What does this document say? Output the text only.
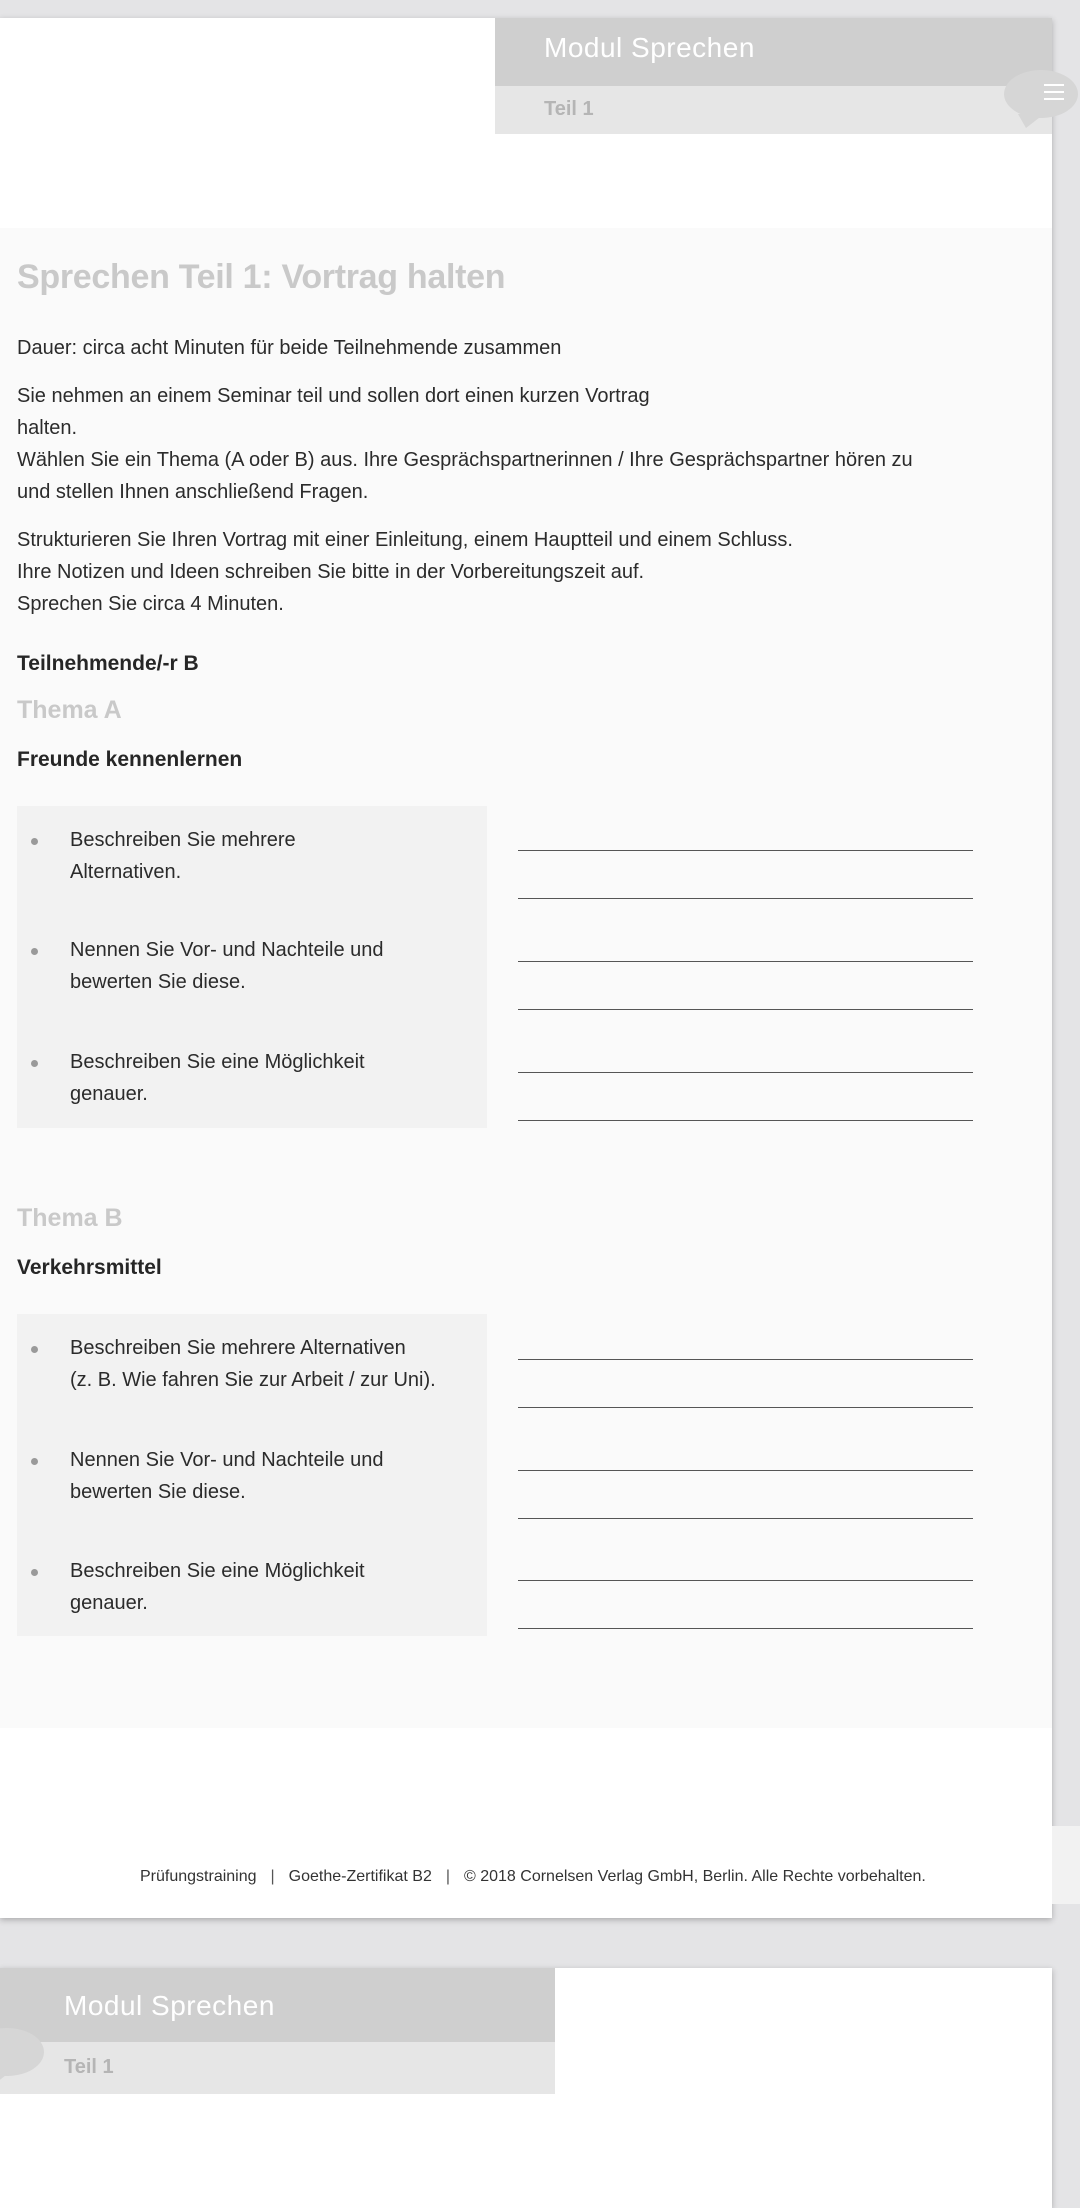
Modul Sprechen
Teil 1
Sprechen Teil 1: Vortrag halten

Dauer: circa acht Minuten für beide Teilnehmende zusammen

Sie nehmen an einem Seminar teil und sollen dort einen kurzen Vortrag

halten.

Wählen Sie ein Thema (A oder B) aus. Ihre Gesprächspartnerinnen / Ihre Gesprächspartner hören zu

und stellen Ihnen anschließend Fragen.

Strukturieren Sie Ihren Vortrag mit einer Einleitung, einem Hauptteil und einem Schluss.

Ihre Notizen und Ideen schreiben Sie bitte in der Vorbereitungszeit auf.

Sprechen Sie circa 4 Minuten.

Teilnehmende/-r B
Thema A
Freunde kennenlernen
Beschreiben Sie mehrere
Alternativen.
Nennen Sie Vor- und Nachteile und
bewerten Sie diese.
Beschreiben Sie eine Möglichkeit
genauer.
Thema B
Verkehrsmittel
Beschreiben Sie mehrere Alternativen
(z. B. Wie fahren Sie zur Arbeit / zur Uni).
Nennen Sie Vor- und Nachteile und
bewerten Sie diese.
Beschreiben Sie eine Möglichkeit
genauer.
Prüfungstraining | Goethe-Zertifikat B2 | © 2018 Cornelsen Verlag GmbH, Berlin. Alle Rechte vorbehalten.
Modul Sprechen
Teil 1
